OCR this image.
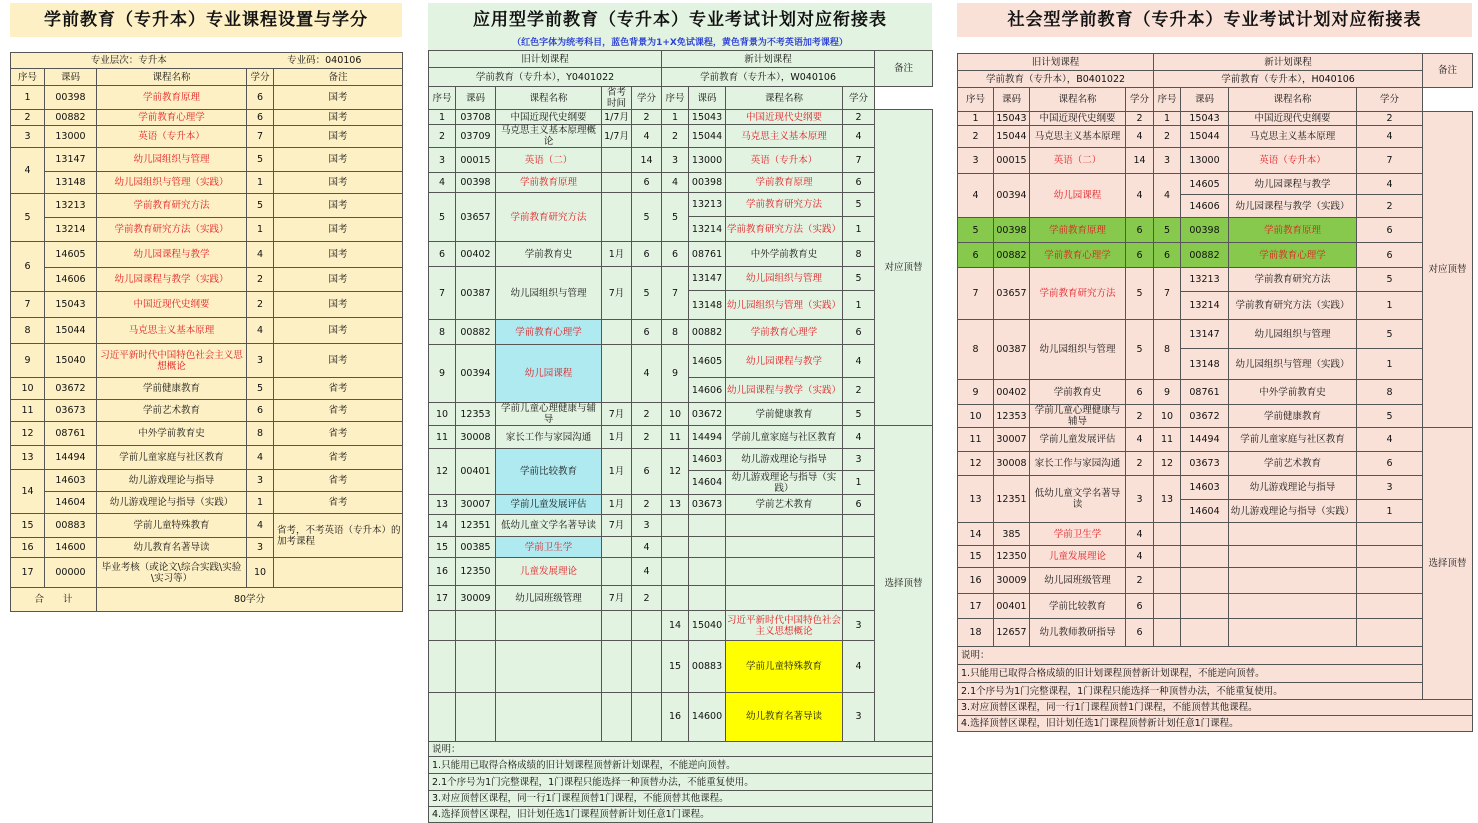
学前教育（专升本）专业课程设置与学分
专业层次：专升本			专业码：040106	
序号	课码	课程名称	学分	备注
1	00398	学前教育原理	6	国考
2	00882	学前教育心理学	6	国考
3	13000	英语（专升本）	7	国考
4	13147	幼儿园组织与管理	5	国考
	13148	幼儿园组织与管理（实践）	1	国考
5	13213	学前教育研究方法	5	国考
	13214	学前教育研究方法（实践）	1	国考
6	14605	幼儿园课程与教学	4	国考
	14606	幼儿园课程与教学（实践）	2	国考
7	15043	中国近现代史纲要	2	国考
8	15044	马克思主义基本原理	4	国考
9	15040	习近平新时代中国特色社会主义思想概论	3	国考
10	03672	学前健康教育	5	省考
11	03673	学前艺术教育	6	省考
12	08761	中外学前教育史	8	省考
13	14494	学前儿童家庭与社区教育	4	省考
14	14603	幼儿游戏理论与指导	3	省考
	14604	幼儿游戏理论与指导（实践）	1	省考
15	00883	学前儿童特殊教育	4	省考，不考英语（专升本）的加考课程
16	14600	幼儿教育名著导读	3	
17	00000	毕业考核（或论文\综合实践\实验\实习等）	10	
合　　计		80学分		
应用型学前教育（专升本）专业考试计划对应衔接表
（红色字体为统考科目，蓝色背景为1+X免试课程，黄色背景为不考英语加考课程）
旧计划课程					新计划课程				备注	
学前教育（专升本），Y0401022					学前教育（专升本），W040106					
序号	课码	课程名称	省考时间	学分	序号	课码	课程名称	学分		
1	03708	中国近现代史纲要	1/7月	2	1	15043	中国近现代史纲要	2	对应顶替	
2	03709	马克思主义基本原理概论	1/7月	4	2	15044	马克思主义基本原理	4		
3	00015	英语（二）		14	3	13000	英语（专升本）	7		
4	00398	学前教育原理		6	4	00398	学前教育原理	6		
5	03657	学前教育研究方法		5	5	13213	学前教育研究方法	5		
						13214	学前教育研究方法（实践）	1		
6	00402	学前教育史	1月	6	6	08761	中外学前教育史	8		
7	00387	幼儿园组织与管理	7月	5	7	13147	幼儿园组织与管理	5		
						13148	幼儿园组织与管理（实践）	1		
8	00882	学前教育心理学		6	8	00882	学前教育心理学	6		
9	00394	幼儿园课程		4	9	14605	幼儿园课程与教学	4		
						14606	幼儿园课程与教学（实践）	2		
10	12353	学前儿童心理健康与辅导	7月	2	10	03672	学前健康教育	5		
11	30008	家长工作与家园沟通	1月	2	11	14494	学前儿童家庭与社区教育	4	选择顶替	
12	00401	学前比较教育	1月	6	12	14603	幼儿游戏理论与指导	3		
						14604	幼儿游戏理论与指导（实践）	1		
13	30007	学前儿童发展评估	1月	2	13	03673	学前艺术教育	6		
14	12351	低幼儿童文学名著导读	7月	3						
15	00385	学前卫生学		4						
16	12350	儿童发展理论		4						
17	30009	幼儿园班级管理	7月	2						
					14	15040	习近平新时代中国特色社会主义思想概论	3		
					15	00883	学前儿童特殊教育	4	
					16	14600	幼儿教育名著导读	3		
说明：										
1.只能用已取得合格成绩的旧计划课程顶替新计划课程，不能逆向顶替。										
2.1个序号为1门完整课程，1门课程只能选择一种顶替办法，不能重复使用。										
3.对应顶替区课程，同一行1门课程顶替1门课程，不能顶替其他课程。										
4.选择顶替区课程，旧计划任选1门课程顶替新计划任意1门课程。										
社会型学前教育（专升本）专业考试计划对应衔接表
旧计划课程				新计划课程				备注
学前教育（专升本），B0401022				学前教育（专升本），H040106				
序号	课码	课程名称	学分	序号	课码	课程名称	学分	
1	15043	中国近现代史纲要	2	1	15043	中国近现代史纲要	2	对应顶替
2	15044	马克思主义基本原理	4	2	15044	马克思主义基本原理	4	
3	00015	英语（二）	14	3	13000	英语（专升本）	7	
4	00394	幼儿园课程	4	4	14605	幼儿园课程与教学	4	
					14606	幼儿园课程与教学（实践）	2	
5	00398	学前教育原理	6	5	00398	学前教育原理	6	
6	00882	学前教育心理学	6	6	00882	学前教育心理学	6	
7	03657	学前教育研究方法	5	7	13213	学前教育研究方法	5	
					13214	学前教育研究方法（实践）	1	
8	00387	幼儿园组织与管理	5	8	13147	幼儿园组织与管理	5	
					13148	幼儿园组织与管理（实践）	1	
9	00402	学前教育史	6	9	08761	中外学前教育史	8	
10	12353	学前儿童心理健康与辅导	2	10	03672	学前健康教育	5	
11	30007	学前儿童发展评估	4	11	14494	学前儿童家庭与社区教育	4	选择顶替
12	30008	家长工作与家园沟通	2	12	03673	学前艺术教育	6	
13	12351	低幼儿童文学名著导读	3	13	14603	幼儿游戏理论与指导	3	
					14604	幼儿游戏理论与指导（实践）	1	
14	385	学前卫生学	4					
15	12350	儿童发展理论	4					
16	30009	幼儿园班级管理	2					
17	00401	学前比较教育	6					
18	12657	幼儿教师教研指导	6					
说明：								
1.只能用已取得合格成绩的旧计划课程顶替新计划课程，不能逆向顶替。								
2.1个序号为1门完整课程，1门课程只能选择一种顶替办法，不能重复使用。								
3.对应顶替区课程，同一行1门课程顶替1门课程，不能顶替其他课程。								
4.选择顶替区课程，旧计划任选1门课程顶替新计划任意1门课程。								
